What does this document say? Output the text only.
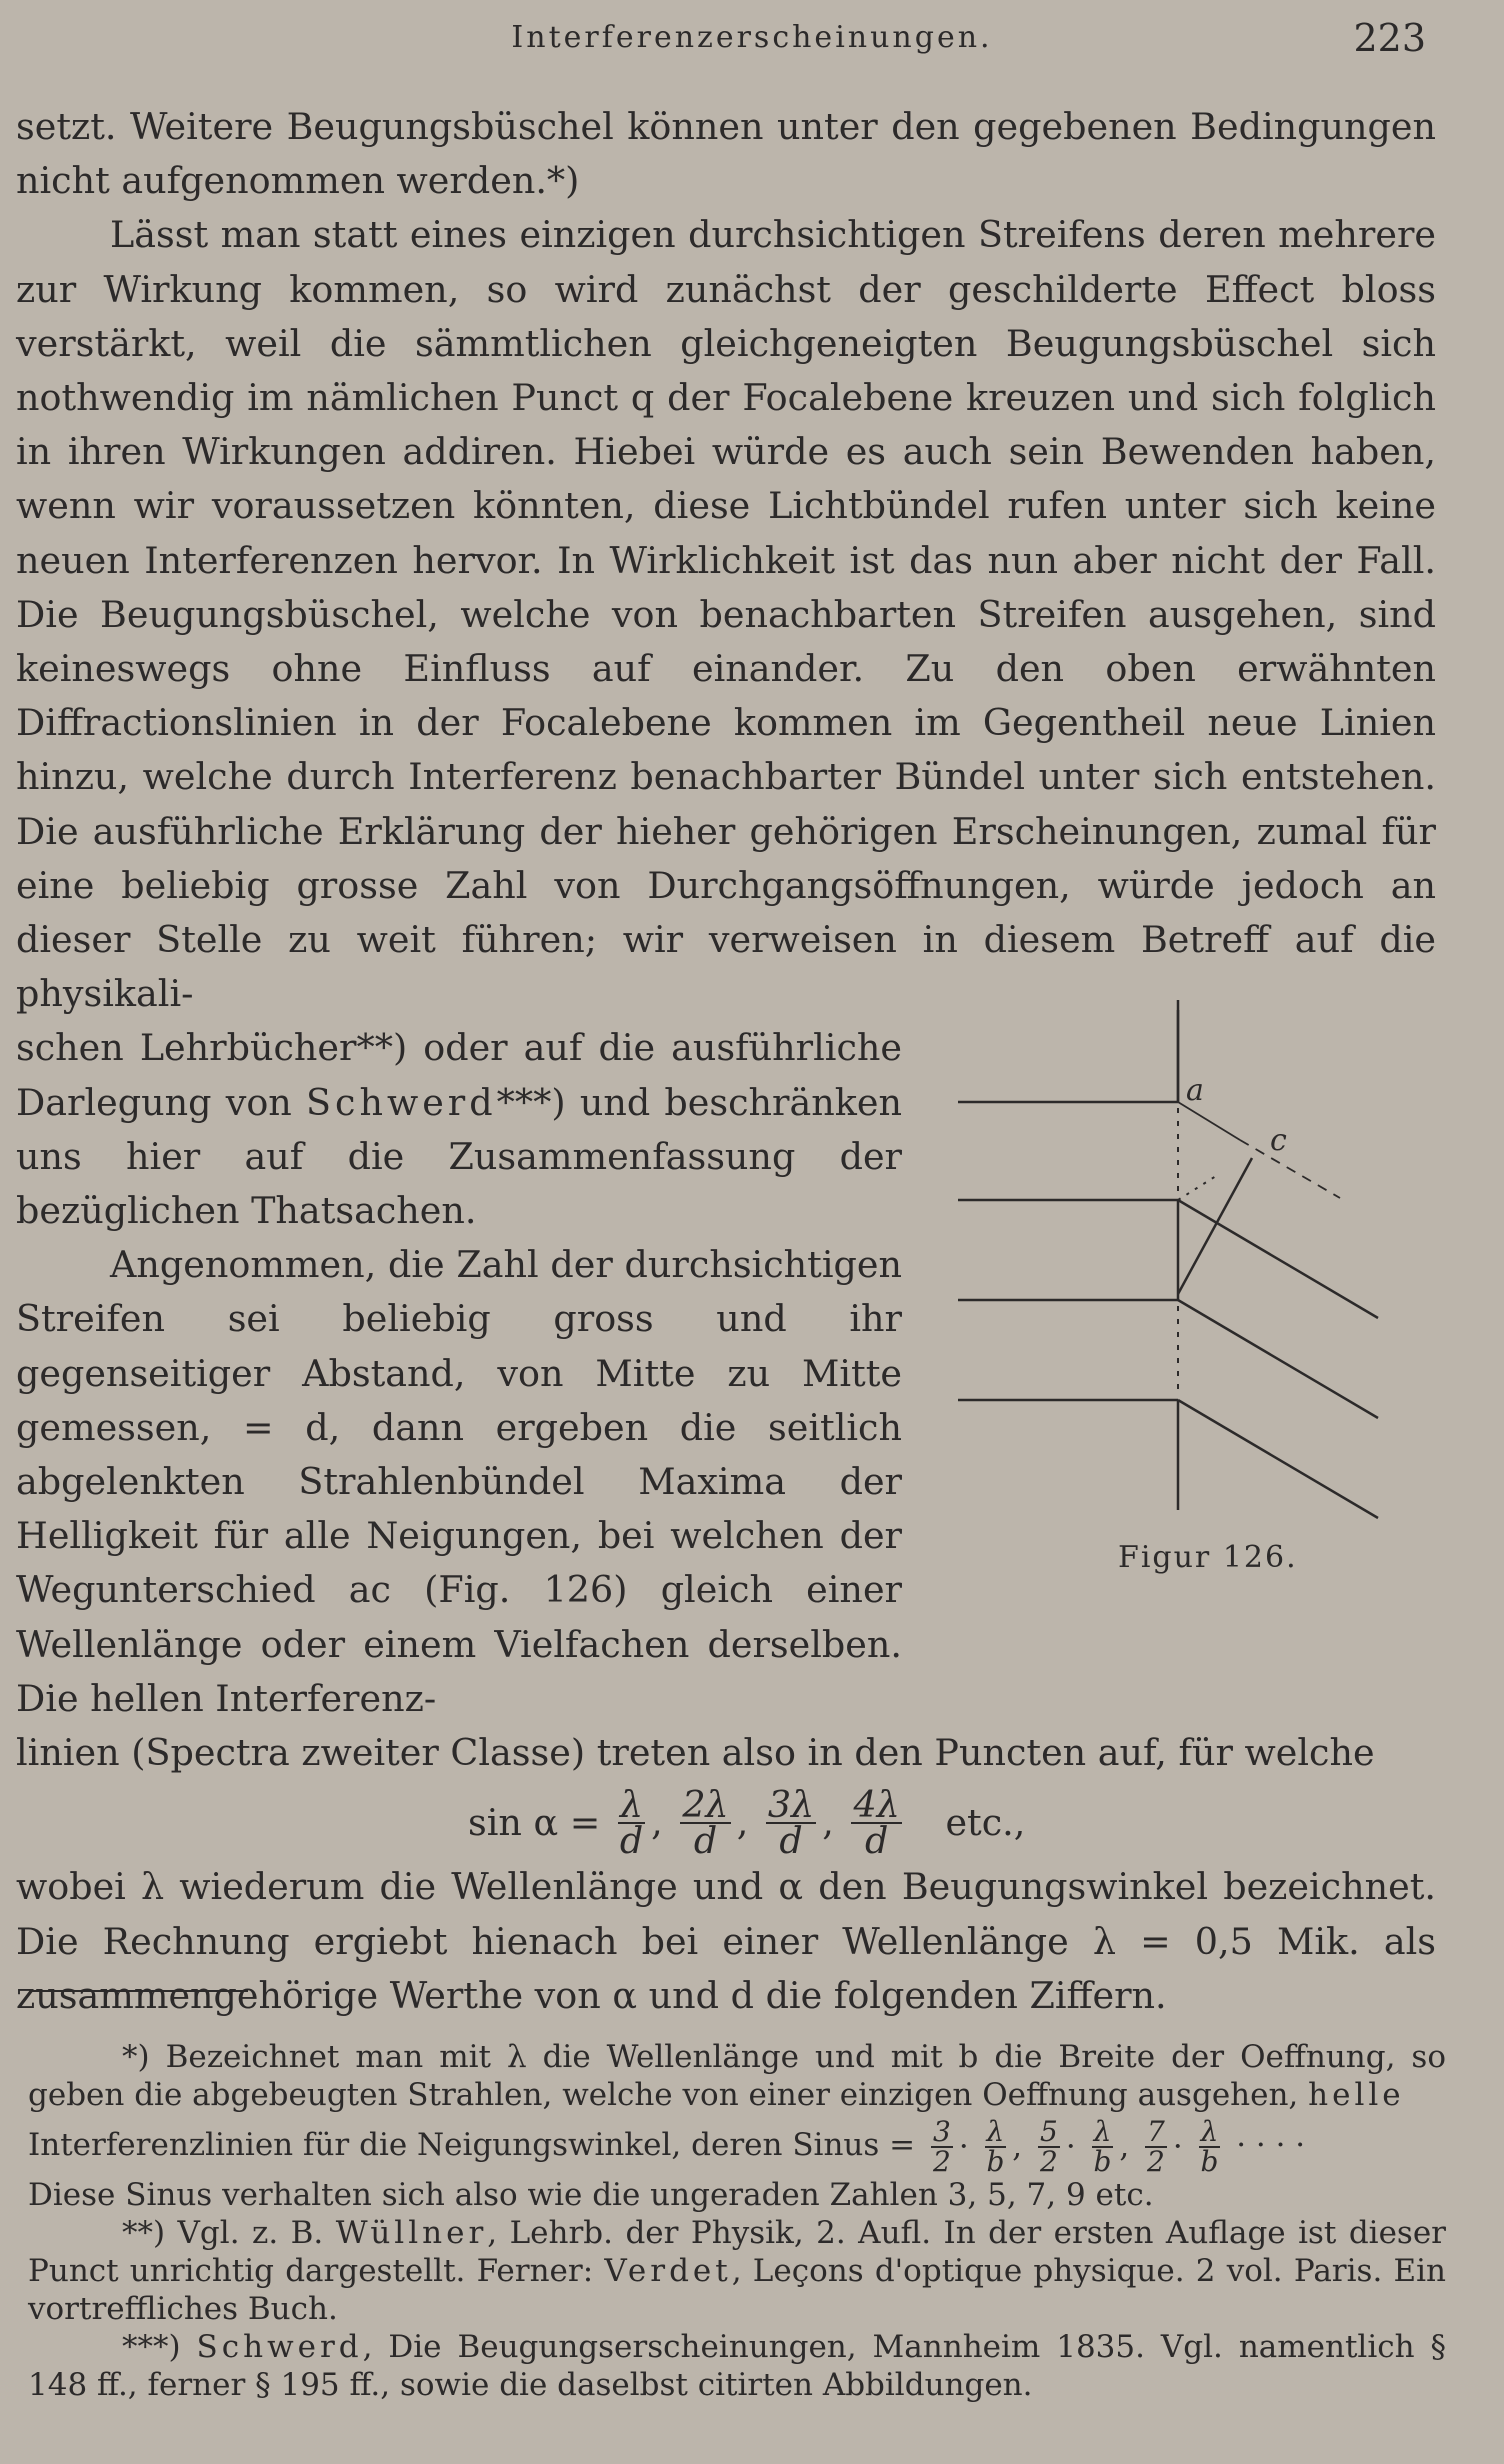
Interferenzerscheinungen.	223

setzt. Weitere Beugungsbüschel können unter den gegebenen Bedingungen nicht aufgenommen werden.*)

Lässt man statt eines einzigen durchsichtigen Streifens deren mehrere zur Wirkung kommen, so wird zunächst der geschilderte Effect bloss verstärkt, weil die sämmtlichen gleichgeneigten Beugungsbüschel sich nothwendig im nämlichen Punct q der Focalebene kreuzen und sich folglich in ihren Wirkungen addiren. Hiebei würde es auch sein Bewenden haben, wenn wir voraussetzen könnten, diese Lichtbündel rufen unter sich keine neuen Interferenzen hervor. In Wirklichkeit ist das nun aber nicht der Fall. Die Beugungsbüschel, welche von benachbarten Streifen ausgehen, sind keineswegs ohne Einfluss auf einander. Zu den oben erwähnten Diffractionslinien in der Focalebene kommen im Gegentheil neue Linien hinzu, welche durch Interferenz benachbarter Bündel unter sich entstehen. Die ausführliche Erklärung der hieher gehörigen Erscheinungen, zumal für eine beliebig grosse Zahl von Durchgangsöffnungen, würde jedoch an dieser Stelle zu weit führen; wir verweisen in diesem Betreff auf die physikali-

schen Lehrbücher**) oder auf die ausführliche Darlegung von Schwerd***) und beschränken uns hier auf die Zusammenfassung der bezüglichen Thatsachen.

Angenommen, die Zahl der durchsichtigen Streifen sei beliebig gross und ihr gegenseitiger Abstand, von Mitte zu Mitte gemessen, = d, dann ergeben die seitlich abgelenkten Strahlenbündel Maxima der Helligkeit für alle Neigungen, bei welchen der Wegunterschied ac (Fig. 126) gleich einer Wellenlänge oder einem Vielfachen derselben. Die hellen Interferenz-

linien (Spectra zweiter Classe) treten also in den Puncten auf, für welche

$\sin \alpha = \frac{\lambda}{d}$ , $\frac{2\lambda}{d}$ , $\frac{3\lambda}{d}$ , $\frac{4\lambda}{d}$ etc.,

wobei λ wiederum die Wellenlänge und α den Beugungswinkel bezeichnet. Die Rechnung ergiebt hienach bei einer Wellenlänge λ = 0,5 Mik. als zusammengehörige Werthe von α und d die folgenden Ziffern.

a
c
Figur 126.

*) Bezeichnet man mit λ die Wellenlänge und mit b die Breite der Oeffnung, so geben die abgebeugten Strahlen, welche von einer einzigen Oeffnung ausgehen, helle

Interferenzlinien für die Neigungswinkel, deren Sinus = $\frac{3}{2} \cdot \frac{\lambda}{b}$ , $\frac{5}{2} \cdot \frac{\lambda}{b}$ , $\frac{7}{2} \cdot \frac{\lambda}{b}$ · · · ·

Diese Sinus verhalten sich also wie die ungeraden Zahlen 3, 5, 7, 9 etc.

**) Vgl. z. B. Wüllner, Lehrb. der Physik, 2. Aufl. In der ersten Auflage ist dieser Punct unrichtig dargestellt. Ferner: Verdet, Leçons d'optique physique. 2 vol. Paris. Ein vortreffliches Buch.

***) Schwerd, Die Beugungserscheinungen, Mannheim 1835. Vgl. namentlich § 148 ff., ferner § 195 ff., sowie die daselbst citirten Abbildungen.
